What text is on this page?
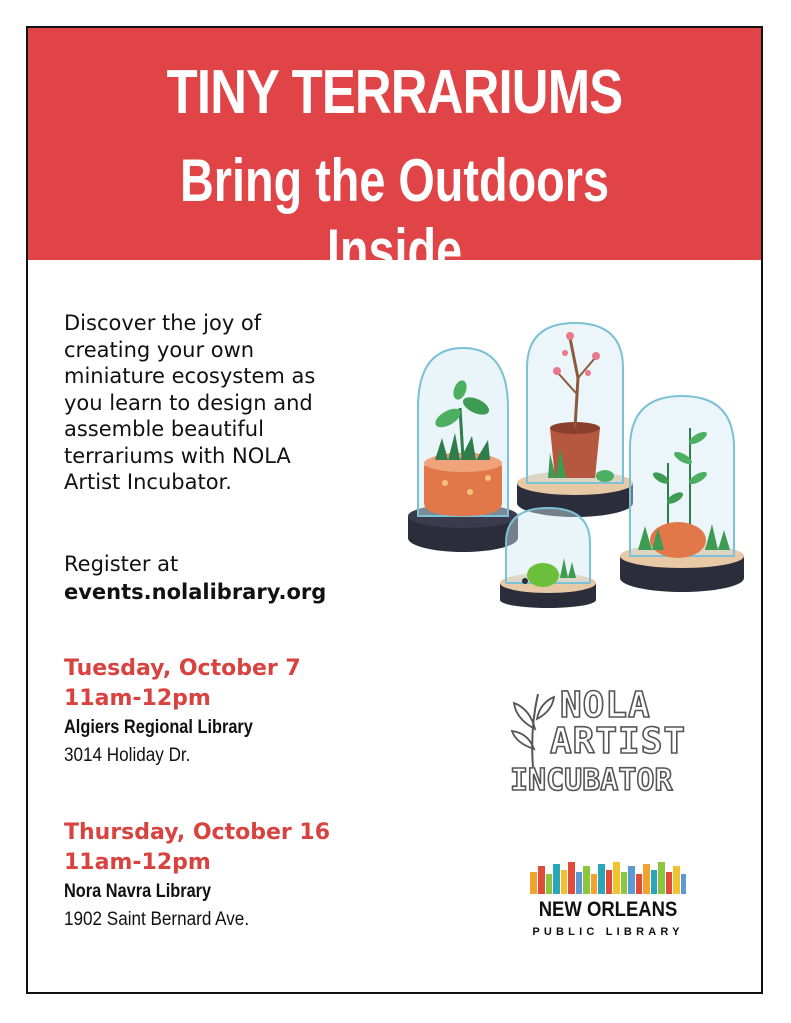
TINY TERRARIUMS
Bring the Outdoors Inside

Discover the joy of
creating your own
miniature ecosystem as
you learn to design and
assemble beautiful
terrariums with NOLA
Artist Incubator.

Register at
events.nolalibrary.org
Tuesday, October 7
11am-12pm
Algiers Regional Library
3014 Holiday Dr.
Thursday, October 16
11am-12pm
Nora Navra Library
1902 Saint Bernard Ave.
NOLA
ARTIST
INCUBATOR
NEW ORLEANS
PUBLIC LIBRARY
